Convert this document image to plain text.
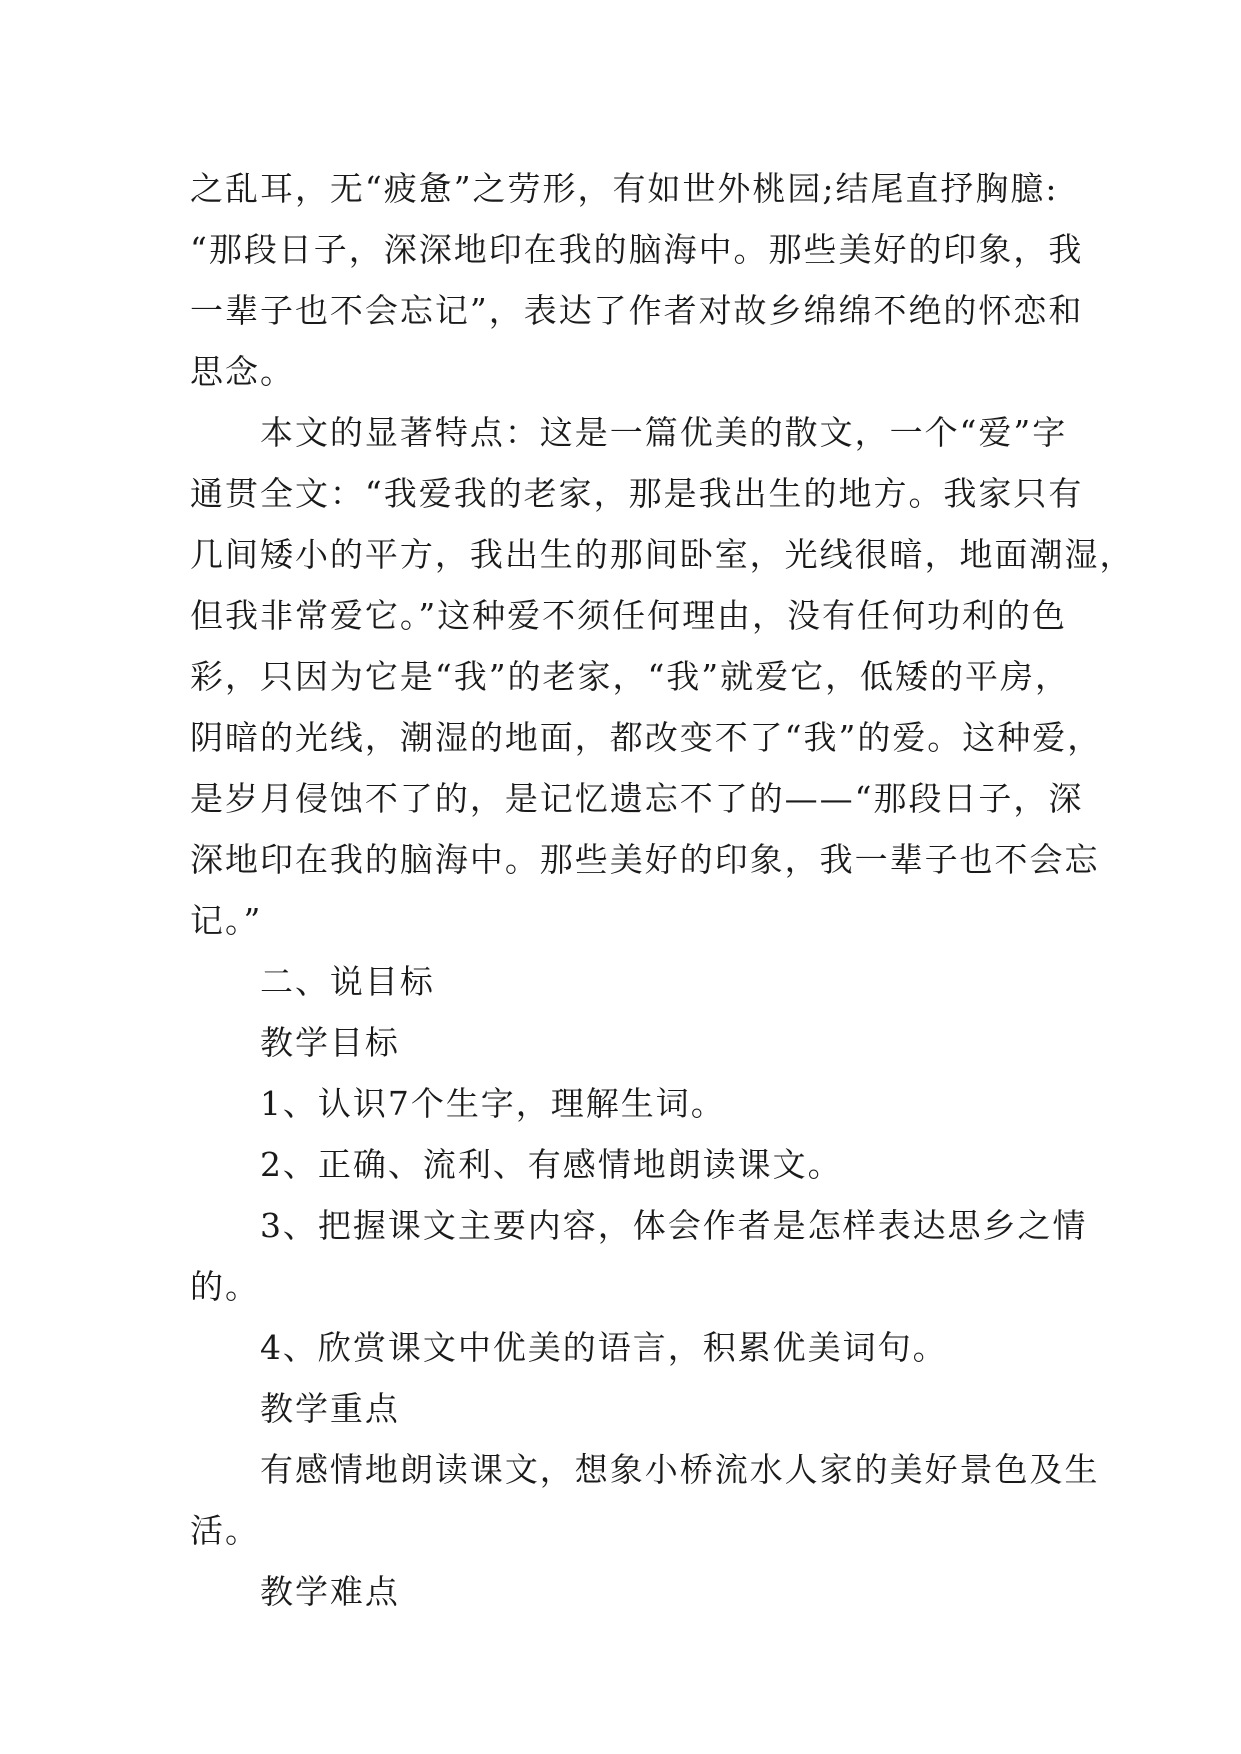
之乱耳，无“疲惫”之劳形，有如世外桃园;结尾直抒胸臆:
“那段日子，深深地印在我的脑海中。那些美好的印象，我
一辈子也不会忘记”，表达了作者对故乡绵绵不绝的怀恋和
思念。
　　本文的显著特点：这是一篇优美的散文，一个“爱”字
通贯全文：“我爱我的老家，那是我出生的地方。我家只有
几间矮小的平方，我出生的那间卧室，光线很暗，地面潮湿，
但我非常爱它。”这种爱不须任何理由，没有任何功利的色
彩，只因为它是“我”的老家，“我”就爱它，低矮的平房，
阴暗的光线，潮湿的地面，都改变不了“我”的爱。这种爱，
是岁月侵蚀不了的，是记忆遗忘不了的——“那段日子，深
深地印在我的脑海中。那些美好的印象，我一辈子也不会忘
记。”
　　二、说目标
　　教学目标
　　1、认识7个生字，理解生词。
　　2、正确、流利、有感情地朗读课文。
　　3、把握课文主要内容，体会作者是怎样表达思乡之情
的。
　　4、欣赏课文中优美的语言，积累优美词句。
　　教学重点
　　有感情地朗读课文，想象小桥流水人家的美好景色及生
活。
　　教学难点
